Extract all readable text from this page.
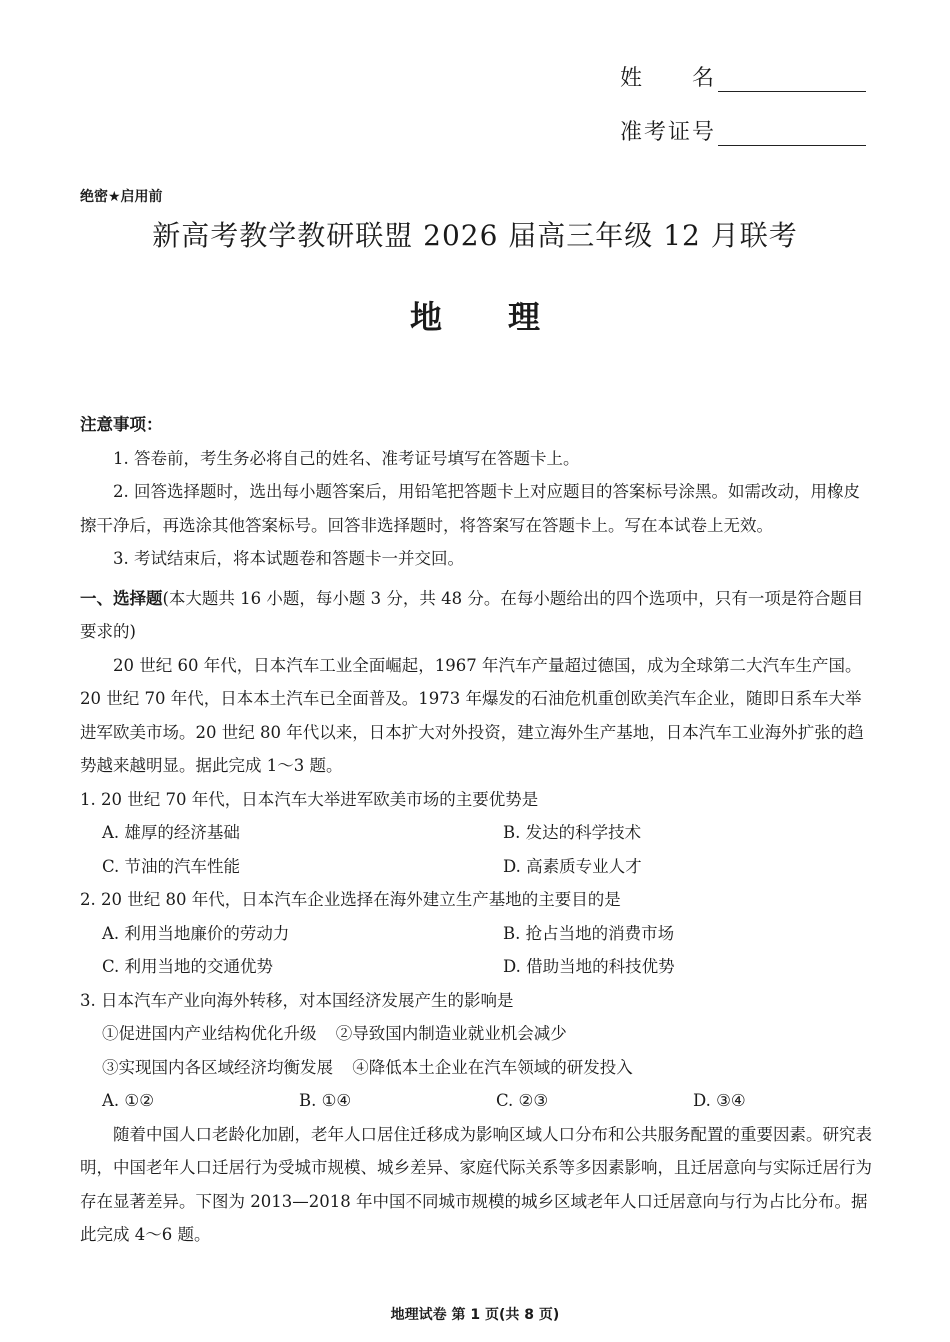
姓　　名
准考证号
绝密★启用前
新高考教学教研联盟 2026 届高三年级 12 月联考
地理

注意事项：

1. 答卷前，考生务必将自己的姓名、准考证号填写在答题卡上。

2. 回答选择题时，选出每小题答案后，用铅笔把答题卡上对应题目的答案标号涂黑。如需改动，用橡皮擦干净后，再选涂其他答案标号。回答非选择题时，将答案写在答题卡上。写在本试卷上无效。

3. 考试结束后，将本试题卷和答题卡一并交回。

一、选择题(本大题共 16 小题，每小题 3 分，共 48 分。在每小题给出的四个选项中，只有一项是符合题目要求的)

20 世纪 60 年代，日本汽车工业全面崛起，1967 年汽车产量超过德国，成为全球第二大汽车生产国。20 世纪 70 年代，日本本土汽车已全面普及。1973 年爆发的石油危机重创欧美汽车企业，随即日系车大举进军欧美市场。20 世纪 80 年代以来，日本扩大对外投资，建立海外生产基地，日本汽车工业海外扩张的趋势越来越明显。据此完成 1～3 题。

1. 20 世纪 70 年代，日本汽车大举进军欧美市场的主要优势是

A. 雄厚的经济基础	B. 发达的科学技术
C. 节油的汽车性能	D. 高素质专业人才

2. 20 世纪 80 年代，日本汽车企业选择在海外建立生产基地的主要目的是

A. 利用当地廉价的劳动力	B. 抢占当地的消费市场
C. 利用当地的交通优势	D. 借助当地的科技优势

3. 日本汽车产业向海外转移，对本国经济发展产生的影响是

①促进国内产业结构优化升级 ②导致国内制造业就业机会减少
③实现国内各区域经济均衡发展 ④降低本土企业在汽车领域的研发投入
A. ①②	B. ①④	C. ②③	D. ③④

随着中国人口老龄化加剧，老年人口居住迁移成为影响区域人口分布和公共服务配置的重要因素。研究表明，中国老年人口迁居行为受城市规模、城乡差异、家庭代际关系等多因素影响，且迁居意向与实际迁居行为存在显著差异。下图为 2013—2018 年中国不同城市规模的城乡区域老年人口迁居意向与行为占比分布。据此完成 4～6 题。

地理试卷 第 1 页(共 8 页)
